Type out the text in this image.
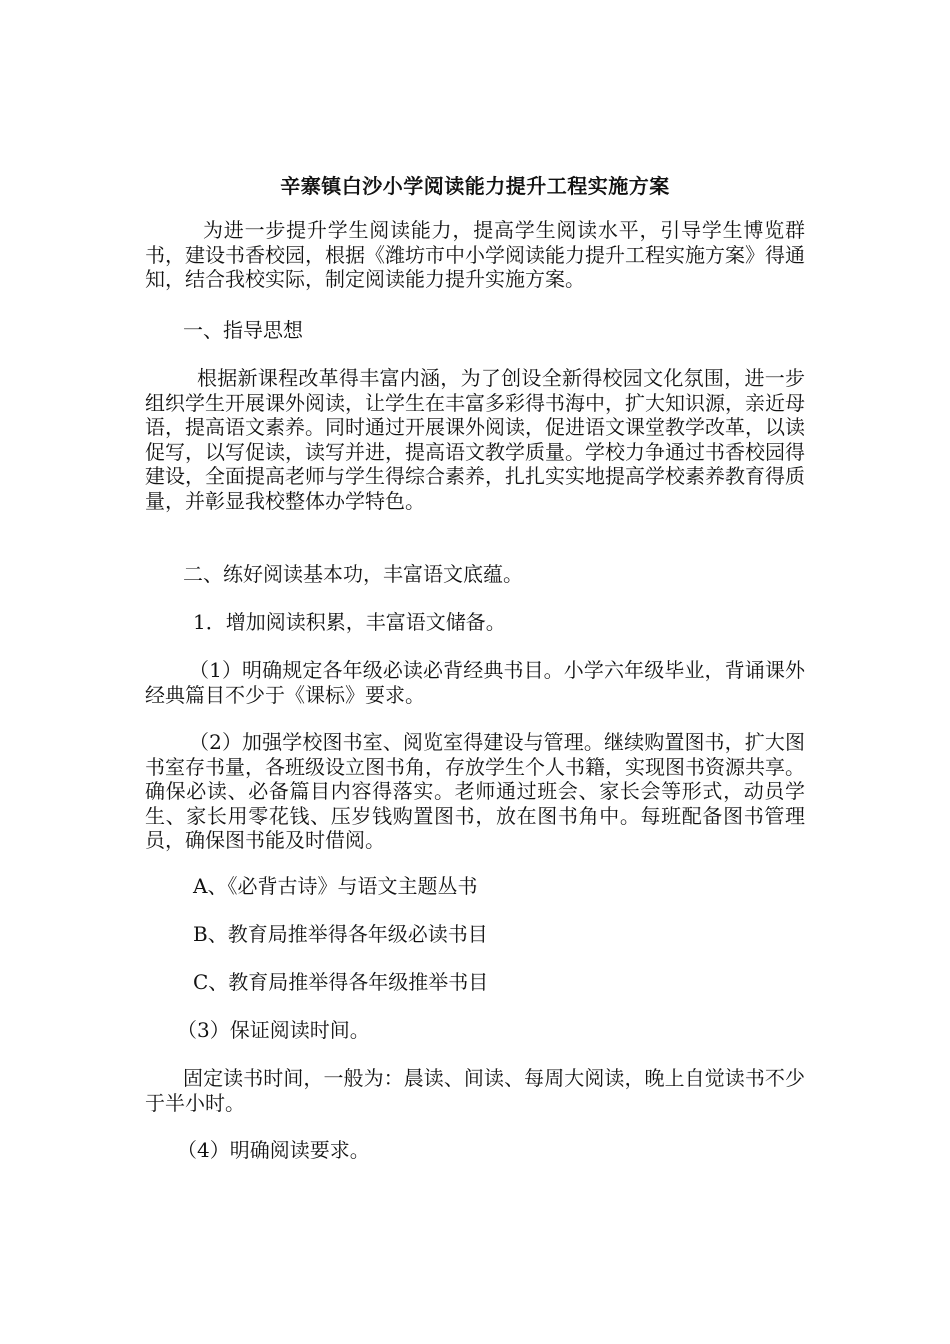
辛寨镇白沙小学阅读能力提升工程实施方案

为进一步提升学生阅读能力，提高学生阅读水平，引导学生博览群书，建设书香校园，根据《潍坊市中小学阅读能力提升工程实施方案》得通知，结合我校实际，制定阅读能力提升实施方案。

一、指导思想

根据新课程改革得丰富内涵，为了创设全新得校园文化氛围，进一步组织学生开展课外阅读，让学生在丰富多彩得书海中，扩大知识源，亲近母语，提高语文素养。同时通过开展课外阅读，促进语文课堂教学改革，以读促写，以写促读，读写并进，提高语文教学质量。学校力争通过书香校园得建设，全面提高老师与学生得综合素养，扎扎实实地提高学校素养教育得质量，并彰显我校整体办学特色。

二、练好阅读基本功，丰富语文底蕴。

1．增加阅读积累，丰富语文储备。

（1）明确规定各年级必读必背经典书目。小学六年级毕业，背诵课外经典篇目不少于《课标》要求。

（2）加强学校图书室、阅览室得建设与管理。继续购置图书，扩大图书室存书量，各班级设立图书角，存放学生个人书籍，实现图书资源共享。确保必读、必备篇目内容得落实。老师通过班会、家长会等形式，动员学生、家长用零花钱、压岁钱购置图书，放在图书角中。每班配备图书管理员，确保图书能及时借阅。

A、《必背古诗》与语文主题丛书

B、教育局推举得各年级必读书目

C、教育局推举得各年级推举书目

（3）保证阅读时间。

固定读书时间，一般为：晨读、间读、每周大阅读，晚上自觉读书不少于半小时。

（4）明确阅读要求。
